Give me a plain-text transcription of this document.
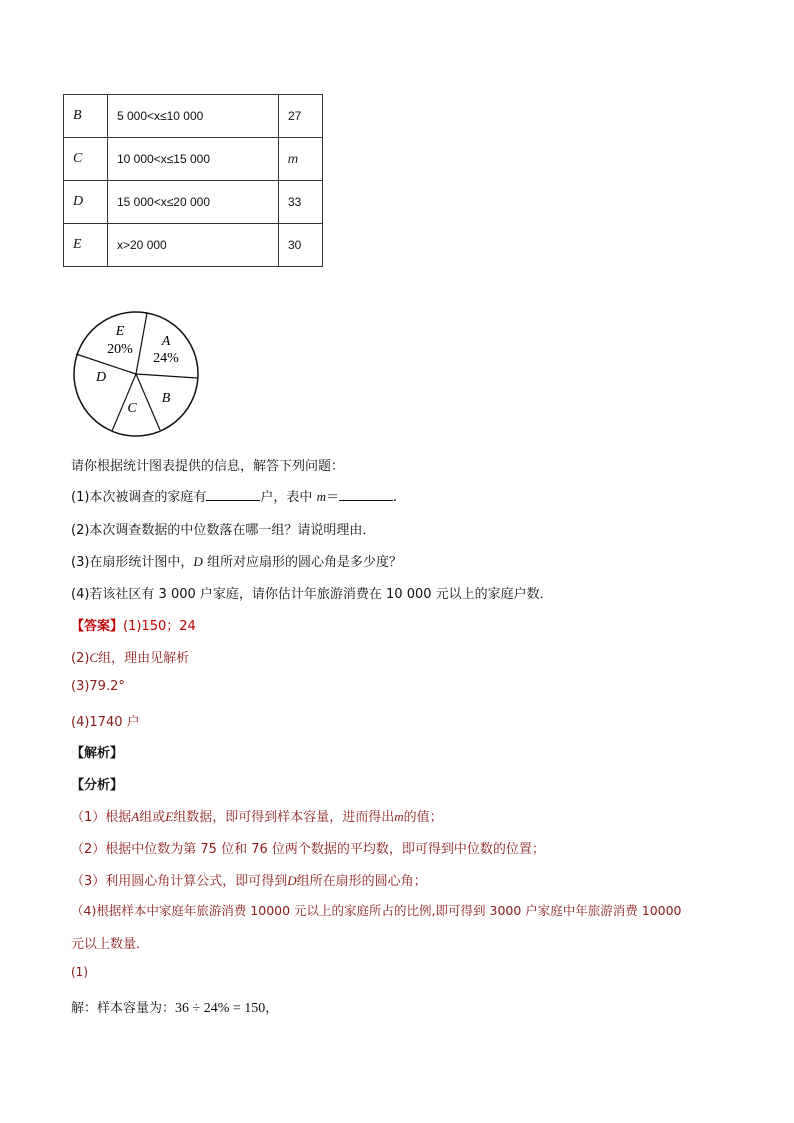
B	5 000<x≤10 000	27
C	10 000<x≤15 000	m
D	15 000<x≤20 000	33
E	x>20 000	30
A
24%
B
C
D
E
20%
请你根据统计图表提供的信息，解答下列问题：
(1)本次被调查的家庭有	户，表中 m＝	.
(2)本次调查数据的中位数落在哪一组？请说明理由．
(3)在扇形统计图中，D 组所对应扇形的圆心角是多少度？
(4)若该社区有 3 000 户家庭，请你估计年旅游消费在 10 000 元以上的家庭户数．
【答案】(1)150；24
(2)C组，理由见解析
(3)79.2°
(4)1740 户
【解析】
【分析】
（1）根据A组或E组数据，即可得到样本容量，进而得出m的值；
（2）根据中位数为第 75 位和 76 位两个数据的平均数，即可得到中位数的位置；
（3）利用圆心角计算公式，即可得到D组所在扇形的圆心角；
（4)根据样本中家庭年旅游消费 10000 元以上的家庭所占的比例,即可得到 3000 户家庭中年旅游消费 10000
元以上数量．
(1)
解：样本容量为：36 ÷ 24% = 150，
